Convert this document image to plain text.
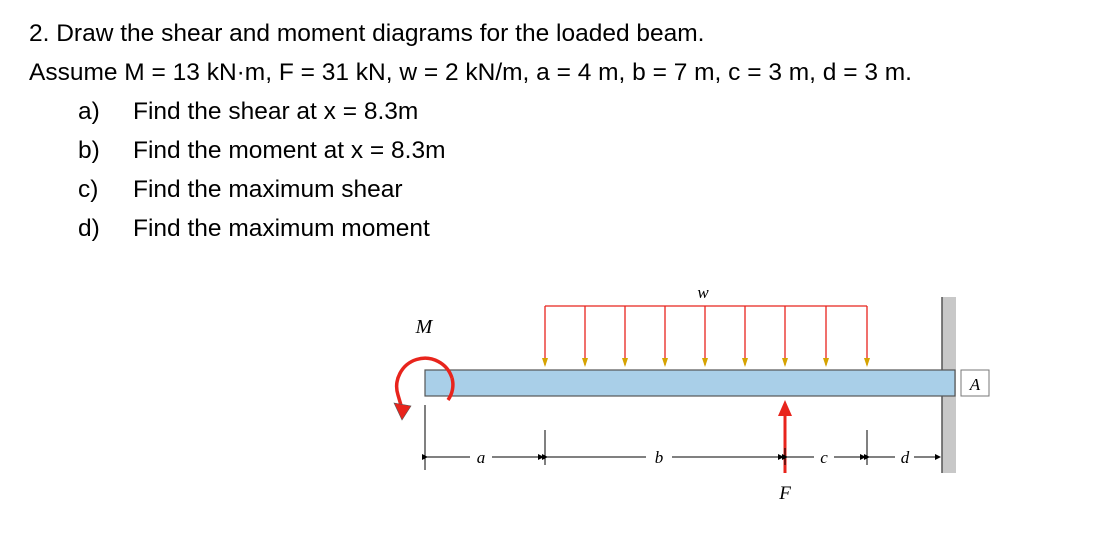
2. Draw the shear and moment diagrams for the loaded beam.
Assume M = 13 kN·m, F = 31 kN, w = 2 kN/m, a = 4 m, b = 7 m, c = 3 m, d = 3 m.
a) Find the shear at x = 8.3m
b) Find the moment at x = 8.3m
c) Find the maximum shear
d) Find the maximum moment
w
M
A
F
a	b	c	d
